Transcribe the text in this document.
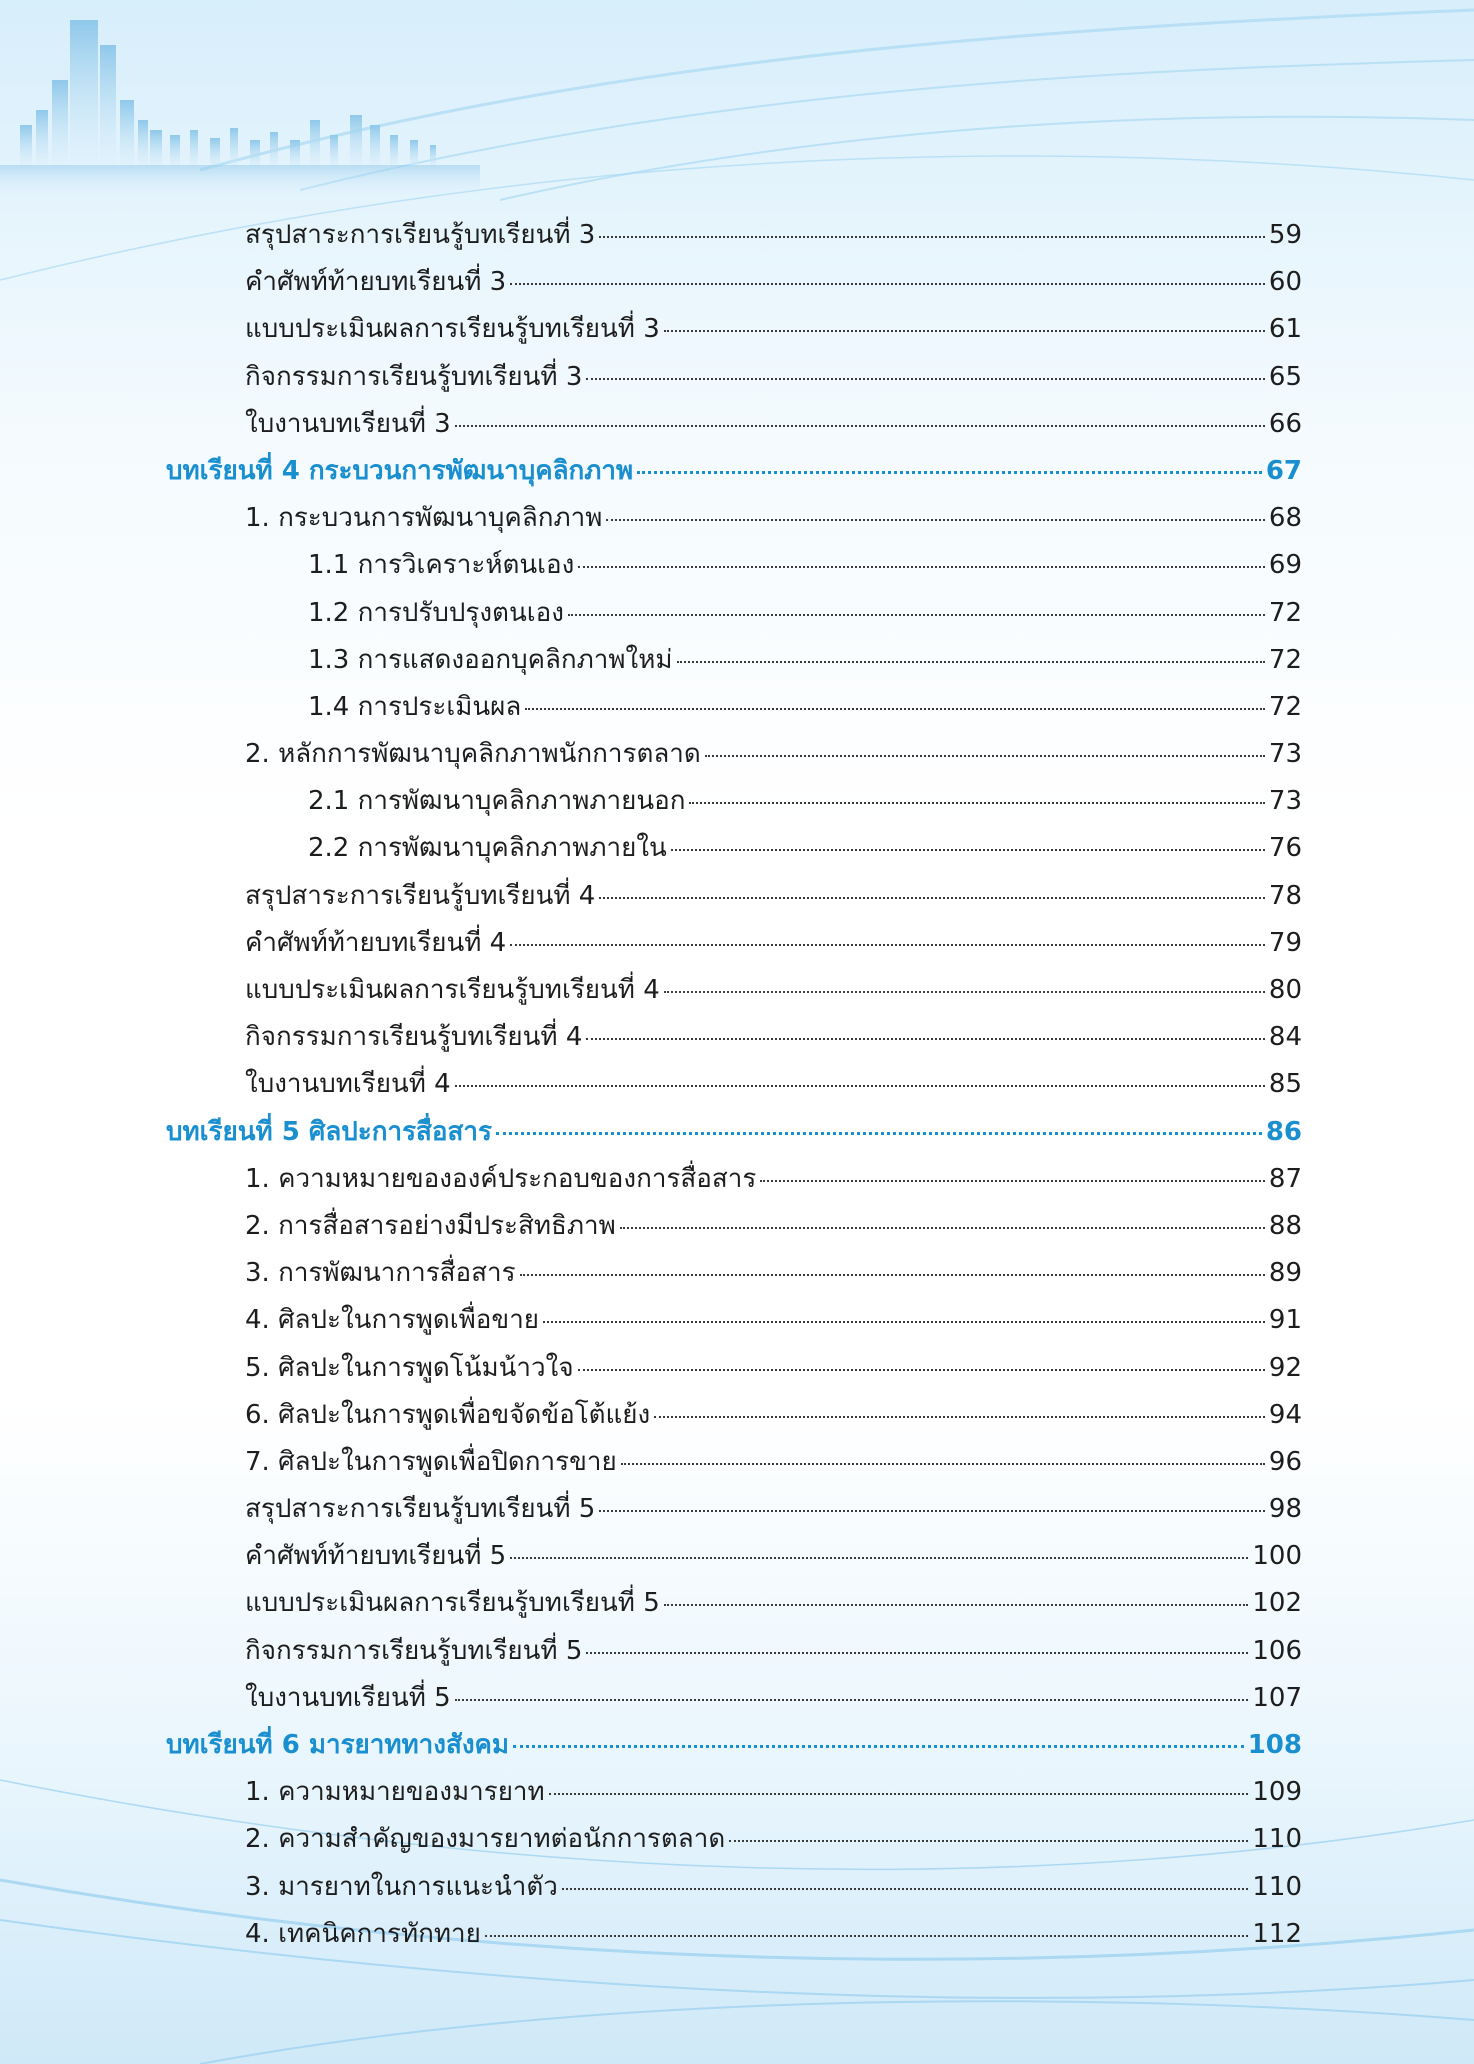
สรุปสาระการเรียนรู้บทเรียนที่ 3	59
คำศัพท์ท้ายบทเรียนที่ 3	60
แบบประเมินผลการเรียนรู้บทเรียนที่ 3	61
กิจกรรมการเรียนรู้บทเรียนที่ 3	65
ใบงานบทเรียนที่ 3	66
บทเรียนที่ 4 กระบวนการพัฒนาบุคลิกภาพ	67
1. กระบวนการพัฒนาบุคลิกภาพ	68
1.1 การวิเคราะห์ตนเอง	69
1.2 การปรับปรุงตนเอง	72
1.3 การแสดงออกบุคลิกภาพใหม่	72
1.4 การประเมินผล	72
2. หลักการพัฒนาบุคลิกภาพนักการตลาด	73
2.1 การพัฒนาบุคลิกภาพภายนอก	73
2.2 การพัฒนาบุคลิกภาพภายใน	76
สรุปสาระการเรียนรู้บทเรียนที่ 4	78
คำศัพท์ท้ายบทเรียนที่ 4	79
แบบประเมินผลการเรียนรู้บทเรียนที่ 4	80
กิจกรรมการเรียนรู้บทเรียนที่ 4	84
ใบงานบทเรียนที่ 4	85
บทเรียนที่ 5 ศิลปะการสื่อสาร	86
1. ความหมายขององค์ประกอบของการสื่อสาร	87
2. การสื่อสารอย่างมีประสิทธิภาพ	88
3. การพัฒนาการสื่อสาร	89
4. ศิลปะในการพูดเพื่อขาย	91
5. ศิลปะในการพูดโน้มน้าวใจ	92
6. ศิลปะในการพูดเพื่อขจัดข้อโต้แย้ง	94
7. ศิลปะในการพูดเพื่อปิดการขาย	96
สรุปสาระการเรียนรู้บทเรียนที่ 5	98
คำศัพท์ท้ายบทเรียนที่ 5	100
แบบประเมินผลการเรียนรู้บทเรียนที่ 5	102
กิจกรรมการเรียนรู้บทเรียนที่ 5	106
ใบงานบทเรียนที่ 5	107
บทเรียนที่ 6 มารยาททางสังคม	108
1. ความหมายของมารยาท	109
2. ความสำคัญของมารยาทต่อนักการตลาด	110
3. มารยาทในการแนะนำตัว	110
4. เทคนิคการทักทาย	112
